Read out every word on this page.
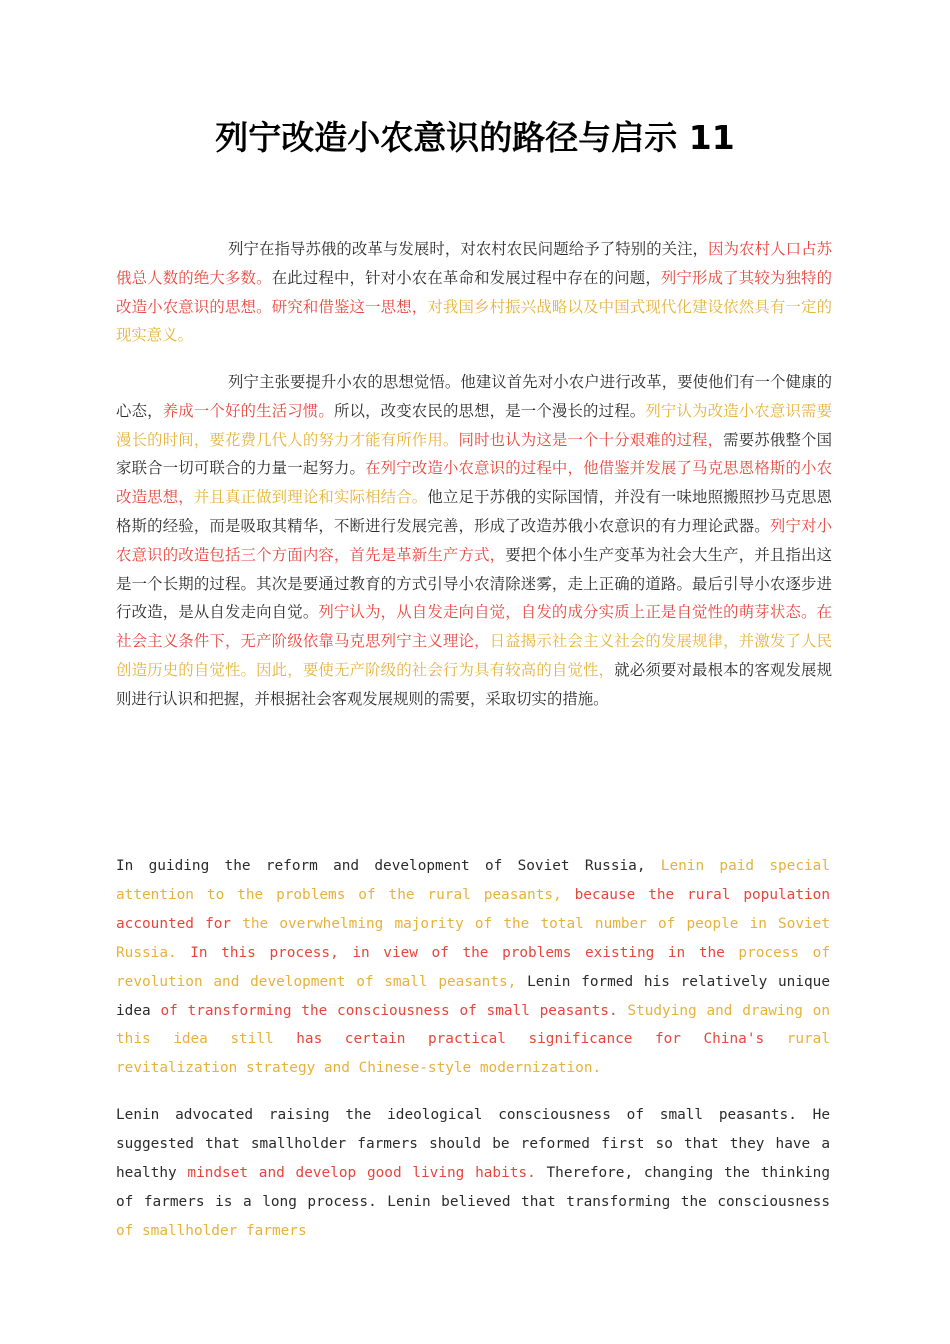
列宁改造小农意识的路径与启示 11

列宁在指导苏俄的改革与发展时，对农村农民问题给予了特别的关注，因为农村人口占苏俄总人数的绝大多数。在此过程中，针对小农在革命和发展过程中存在的问题，列宁形成了其较为独特的改造小农意识的思想。研究和借鉴这一思想，对我国乡村振兴战略以及中国式现代化建设依然具有一定的现实意义。

列宁主张要提升小农的思想觉悟。他建议首先对小农户进行改革，要使他们有一个健康的心态，养成一个好的生活习惯。所以，改变农民的思想，是一个漫长的过程。列宁认为改造小农意识需要漫长的时间，要花费几代人的努力才能有所作用。同时也认为这是一个十分艰难的过程，需要苏俄整个国家联合一切可联合的力量一起努力。在列宁改造小农意识的过程中，他借鉴并发展了马克思恩格斯的小农改造思想，并且真正做到理论和实际相结合。他立足于苏俄的实际国情，并没有一味地照搬照抄马克思恩格斯的经验，而是吸取其精华，不断进行发展完善，形成了改造苏俄小农意识的有力理论武器。列宁对小农意识的改造包括三个方面内容，首先是革新生产方式，要把个体小生产变革为社会大生产，并且指出这是一个长期的过程。其次是要通过教育的方式引导小农清除迷雾，走上正确的道路。最后引导小农逐步进行改造，是从自发走向自觉。列宁认为，从自发走向自觉，自发的成分实质上正是自觉性的萌芽状态。在社会主义条件下，无产阶级依靠马克思列宁主义理论，日益揭示社会主义社会的发展规律，并激发了人民创造历史的自觉性。因此，要使无产阶级的社会行为具有较高的自觉性，就必须要对最根本的客观发展规则进行认识和把握，并根据社会客观发展规则的需要，采取切实的措施。

In guiding the reform and development of Soviet Russia, Lenin paid special attention to the problems of the rural peasants, because the rural population accounted for the overwhelming majority of the total number of people in Soviet Russia. In this process, in view of the problems existing in the process of revolution and development of small peasants, Lenin formed his relatively unique idea of transforming the consciousness of small peasants. Studying and drawing on this idea still has certain practical significance for China's rural revitalization strategy and Chinese-style modernization.

Lenin advocated raising the ideological consciousness of small peasants. He suggested that smallholder farmers should be reformed first so that they have a healthy mindset and develop good living habits. Therefore, changing the thinking of farmers is a long process. Lenin believed that transforming the consciousness of smallholder farmers
